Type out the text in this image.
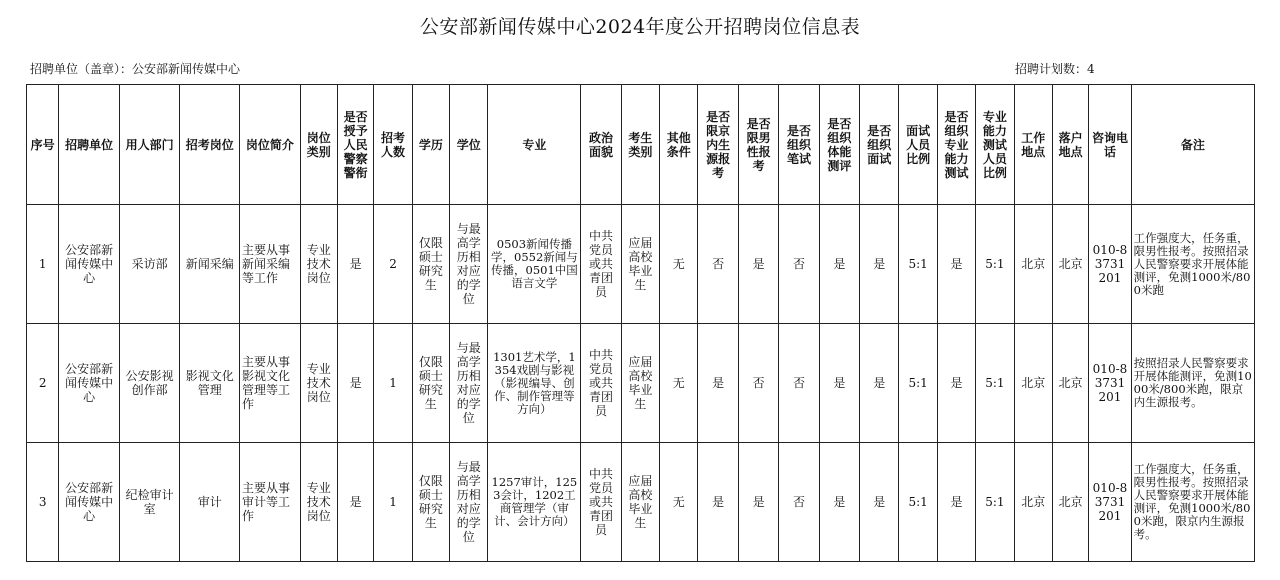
公安部新闻传媒中心2024年度公开招聘岗位信息表
招聘单位（盖章）：公安部新闻传媒中心	招聘计划数：4
序号	招聘单位	用人部门	招考岗位	岗位简介	岗位类别	是否授予人民警察警衔	招考人数	学历	学位	专业	政治面貌	考生类别	其他条件	是否限京内生源报考	是否限男性报考	是否组织笔试	是否组织体能测评	是否组织面试	面试人员比例	是否组织专业能力测试	专业能力测试人员比例	工作地点	落户地点	咨询电话	备注
1	公安部新闻传媒中心	采访部	新闻采编	主要从事新闻采编等工作	专业技术岗位	是	2	仅限硕士研究生	与最高学历相对应的学位	0503新闻传播学，0552新闻与传播，0501中国语言文学	中共党员或共青团员	应届高校毕业生	无	否	是	否	是	是	5:1	是	5:1	北京	北京	010-83731201	工作强度大，任务重，限男性报考。按照招录人民警察要求开展体能测评，免测1000米/800米跑
2	公安部新闻传媒中心	公安影视创作部	影视文化管理	主要从事影视文化管理等工作	专业技术岗位	是	1	仅限硕士研究生	与最高学历相对应的学位	1301艺术学，1354戏剧与影视（影视编导、创作、制作管理等方向）	中共党员或共青团员	应届高校毕业生	无	是	否	否	是	是	5:1	是	5:1	北京	北京	010-83731201	按照招录人民警察要求开展体能测评，免测1000米/800米跑，限京内生源报考。
3	公安部新闻传媒中心	纪检审计室	审计	主要从事审计等工作	专业技术岗位	是	1	仅限硕士研究生	与最高学历相对应的学位	1257审计，1253会计，1202工商管理学（审计、会计方向）	中共党员或共青团员	应届高校毕业生	无	是	是	否	是	是	5:1	是	5:1	北京	北京	010-83731201	工作强度大，任务重，限男性报考。按照招录人民警察要求开展体能测评，免测1000米/800米跑，限京内生源报考。
